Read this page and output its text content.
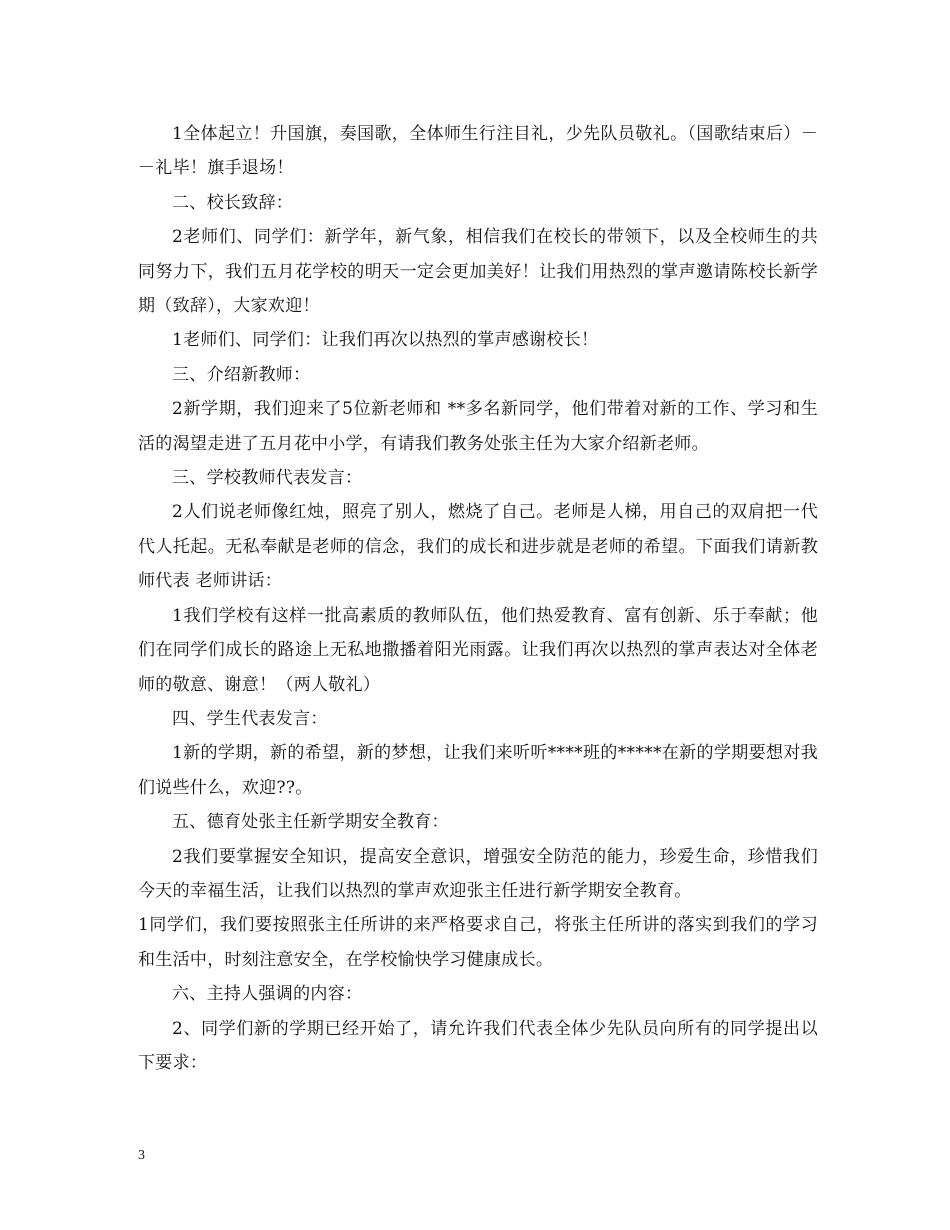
1全体起立！升国旗，奏国歌，全体师生行注目礼，少先队员敬礼。（国歌结束后）－－礼毕！旗手退场！

二、校长致辞：

2老师们、同学们：新学年，新气象，相信我们在校长的带领下，以及全校师生的共同努力下，我们五月花学校的明天一定会更加美好！让我们用热烈的掌声邀请陈校长新学期（致辞），大家欢迎！

1老师们、同学们：让我们再次以热烈的掌声感谢校长！

三、介绍新教师：

2新学期，我们迎来了5位新老师和 **多名新同学，他们带着对新的工作、学习和生活的渴望走进了五月花中小学，有请我们教务处张主任为大家介绍新老师。

三、学校教师代表发言：

2人们说老师像红烛，照亮了别人，燃烧了自己。老师是人梯，用自己的双肩把一代代人托起。无私奉献是老师的信念，我们的成长和进步就是老师的希望。下面我们请新教师代表 老师讲话：

1我们学校有这样一批高素质的教师队伍，他们热爱教育、富有创新、乐于奉献；他们在同学们成长的路途上无私地撒播着阳光雨露。让我们再次以热烈的掌声表达对全体老师的敬意、谢意！（两人敬礼）

四、学生代表发言：

1新的学期，新的希望，新的梦想，让我们来听听****班的*****在新的学期要想对我们说些什么，欢迎??。

五、德育处张主任新学期安全教育：

2我们要掌握安全知识，提高安全意识，增强安全防范的能力，珍爱生命，珍惜我们今天的幸福生活，让我们以热烈的掌声欢迎张主任进行新学期安全教育。

1同学们，我们要按照张主任所讲的来严格要求自己，将张主任所讲的落实到我们的学习和生活中，时刻注意安全，在学校愉快学习健康成长。

六、主持人强调的内容：

2、同学们新的学期已经开始了，请允许我们代表全体少先队员向所有的同学提出以下要求：

3
